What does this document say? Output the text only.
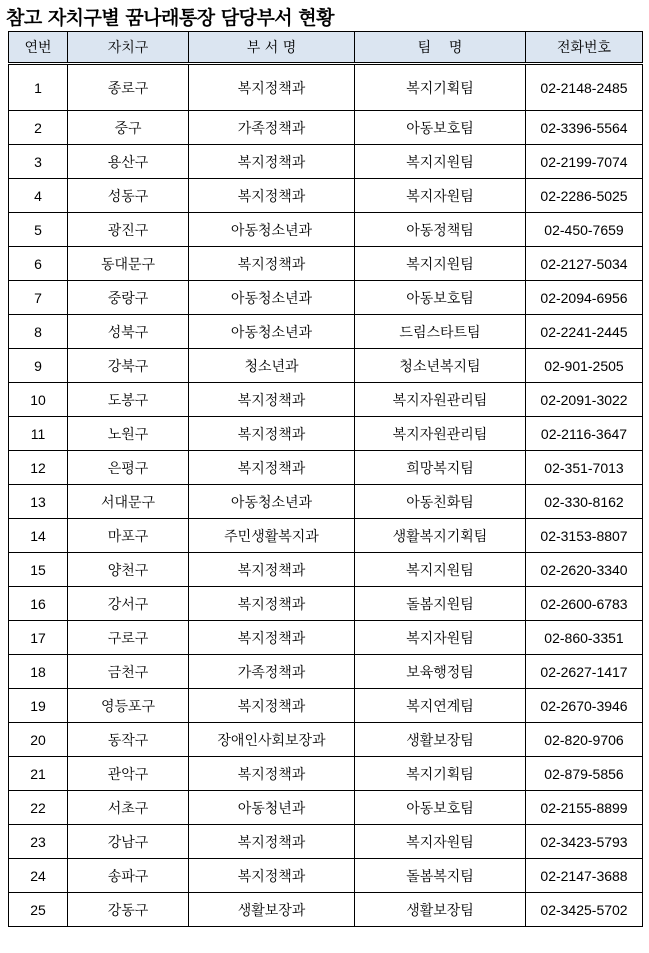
참고 자치구별 꿈나래통장 담당부서 현황
연번	자치구	부 서 명	팀    명	전화번호
1	종로구	복지정책과	복지기획팀	02-2148-2485
2	중구	가족정책과	아동보호팀	02-3396-5564
3	용산구	복지정책과	복지지원팀	02-2199-7074
4	성동구	복지정책과	복지자원팀	02-2286-5025
5	광진구	아동청소년과	아동정책팀	02-450-7659
6	동대문구	복지정책과	복지지원팀	02-2127-5034
7	중랑구	아동청소년과	아동보호팀	02-2094-6956
8	성북구	아동청소년과	드림스타트팀	02-2241-2445
9	강북구	청소년과	청소년복지팀	02-901-2505
10	도봉구	복지정책과	복지자원관리팀	02-2091-3022
11	노원구	복지정책과	복지자원관리팀	02-2116-3647
12	은평구	복지정책과	희망복지팀	02-351-7013
13	서대문구	아동청소년과	아동친화팀	02-330-8162
14	마포구	주민생활복지과	생활복지기획팀	02-3153-8807
15	양천구	복지정책과	복지지원팀	02-2620-3340
16	강서구	복지정책과	돌봄지원팀	02-2600-6783
17	구로구	복지정책과	복지자원팀	02-860-3351
18	금천구	가족정책과	보육행정팀	02-2627-1417
19	영등포구	복지정책과	복지연계팀	02-2670-3946
20	동작구	장애인사회보장과	생활보장팀	02-820-9706
21	관악구	복지정책과	복지기획팀	02-879-5856
22	서초구	아동청년과	아동보호팀	02-2155-8899
23	강남구	복지정책과	복지자원팀	02-3423-5793
24	송파구	복지정책과	돌봄복지팀	02-2147-3688
25	강동구	생활보장과	생활보장팀	02-3425-5702
